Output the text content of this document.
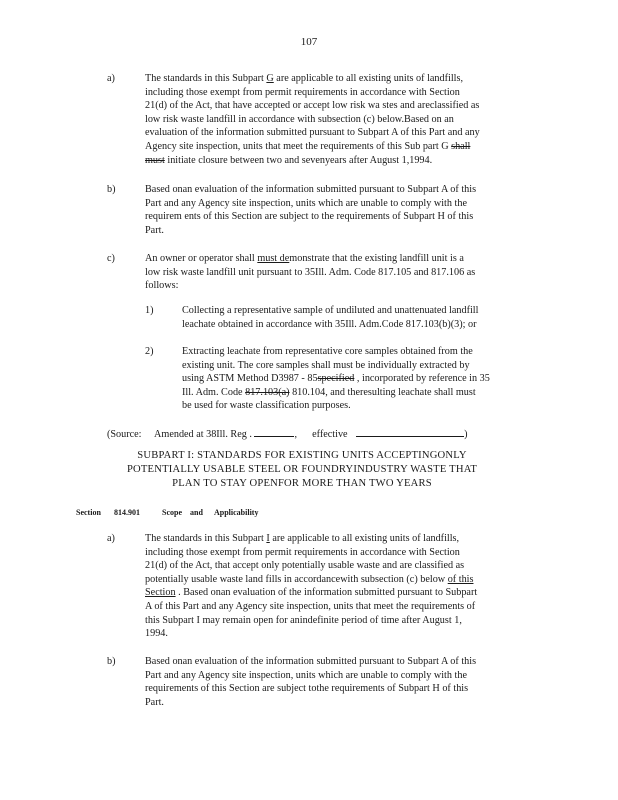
107
a)	The standards in this Subpart G are applicable to all existing units of landfills,
including those exempt from permit requirements in accordance with Section
21(d) of the Act, that have accepted or accept low risk wa stes and areclassified as
low risk waste landfill in accordance with subsection (c) below.Based on an
evaluation of the information submitted pursuant to Subpart A of this Part and any
Agency site inspection, units that meet the requirements of this Sub part G shall
must initiate closure between two and sevenyears after August 1,1994.
b)	Based onan evaluation of the information submitted pursuant to Subpart A of this
Part and any Agency site inspection, units which are unable to comply with the
requirem ents of this Section are subject to the requirements of Subpart H of this
Part.
c)	An owner or operator shall must demonstrate that the existing landfill unit is a
low risk waste landfill unit pursuant to 35Ill. Adm. Code 817.105 and 817.106 as
follows:
1)	Collecting a representative sample of undiluted and unattenuated landfill
leachate obtained in accordance with 35Ill. Adm.Code 817.103(b)(3); or
2)	Extracting leachate from representative core samples obtained from the
existing unit. The core samples shall must be individually extracted by
using ASTM Method D3987 - 85specified , incorporated by reference in 35
Ill. Adm. Code 817.103(a) 810.104, and theresulting leachate shall must
be used for waste classification purposes.
(Source: Amended at 38Ill. Reg .	, effective	)
SUBPART I: STANDARDS FOR EXISTING UNITS ACCEPTINGONLY
POTENTIALLY USABLE STEEL OR FOUNDRYINDUSTRY WASTE THAT
PLAN TO STAY OPENFOR MORE THAN TWO YEARS
Section 814.901	Scope and Applicability
a)	The standards in this Subpart I are applicable to all existing units of landfills,
including those exempt from permit requirements in accordance with Section
21(d) of the Act, that accept only potentially usable waste and are classified as
potentially usable waste land fills in accordancewith subsection (c) below of this
Section . Based onan evaluation of the information submitted pursuant to Subpart
A of this Part and any Agency site inspection, units that meet the requirements of
this Subpart I may remain open for anindefinite period of time after August 1,
1994.
b)	Based onan evaluation of the information submitted pursuant to Subpart A of this
Part and any Agency site inspection, units which are unable to comply with the
requirements of this Section are subject tothe requirements of Subpart H of this
Part.
